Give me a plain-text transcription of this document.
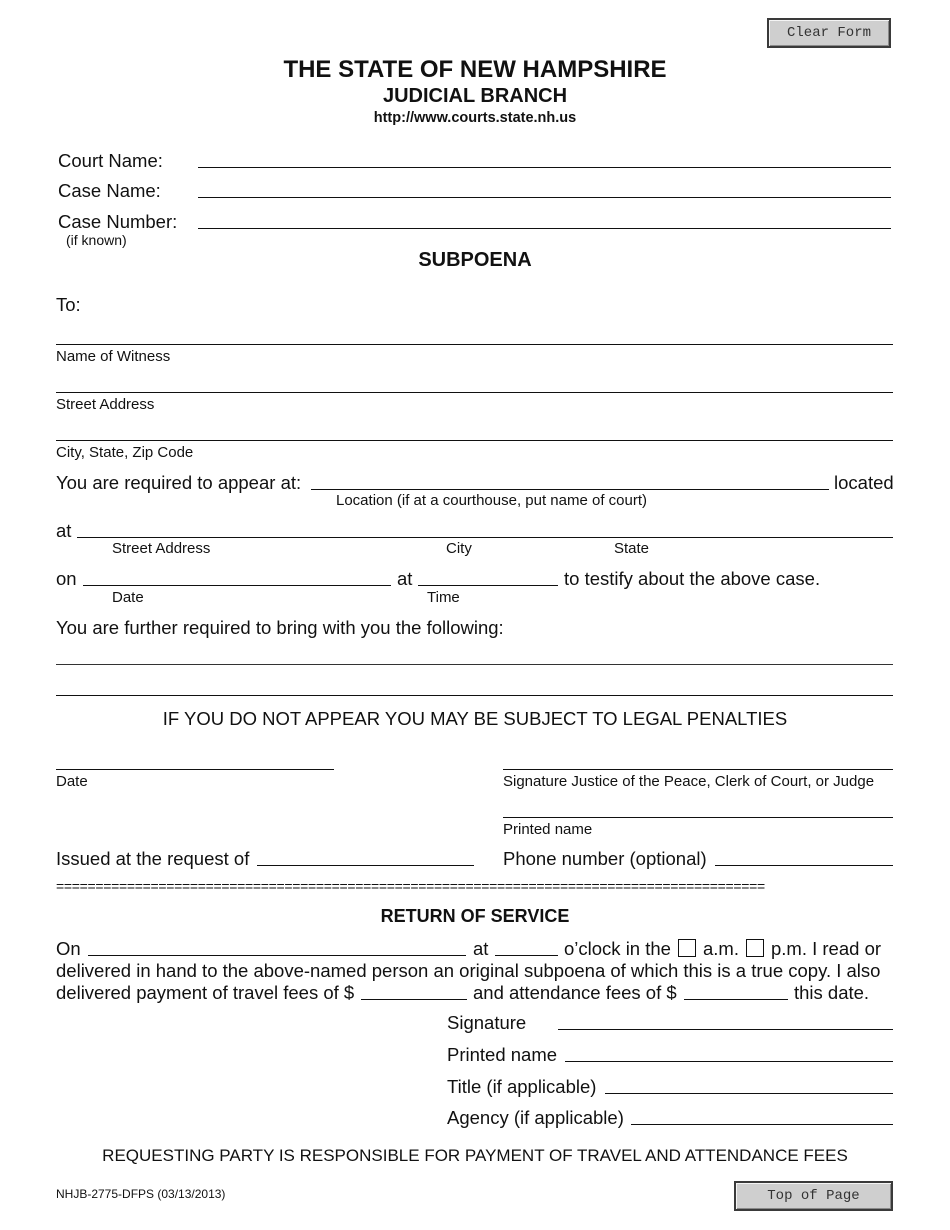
Clear Form
THE STATE OF NEW HAMPSHIRE
JUDICIAL BRANCH
http://www.courts.state.nh.us
Court Name:
Case Name:
Case Number:
(if known)
SUBPOENA
To:
Name of Witness
Street Address
City, State, Zip Code
You are required to appear at:	located
Location (if at a courthouse, put name of court)
at
Street Address	City	State
on	at	to testify about the above case.
Date	Time
You are further required to bring with you the following:
IF YOU DO NOT APPEAR YOU MAY BE SUBJECT TO LEGAL PENALTIES
Date	Signature Justice of the Peace, Clerk of Court, or Judge
Printed name
Issued at the request of	Phone number (optional)
==========================================================================================
RETURN OF SERVICE
On	at	o’clock in the a.m. p.m. I read or
delivered in hand to the above-named person an original subpoena of which this is a true copy. I also
delivered payment of travel fees of $	and attendance fees of $	this date.
Signature
Printed name
Title (if applicable)
Agency (if applicable)
REQUESTING PARTY IS RESPONSIBLE FOR PAYMENT OF TRAVEL AND ATTENDANCE FEES
NHJB-2775-DFPS (03/13/2013)	Top of Page
